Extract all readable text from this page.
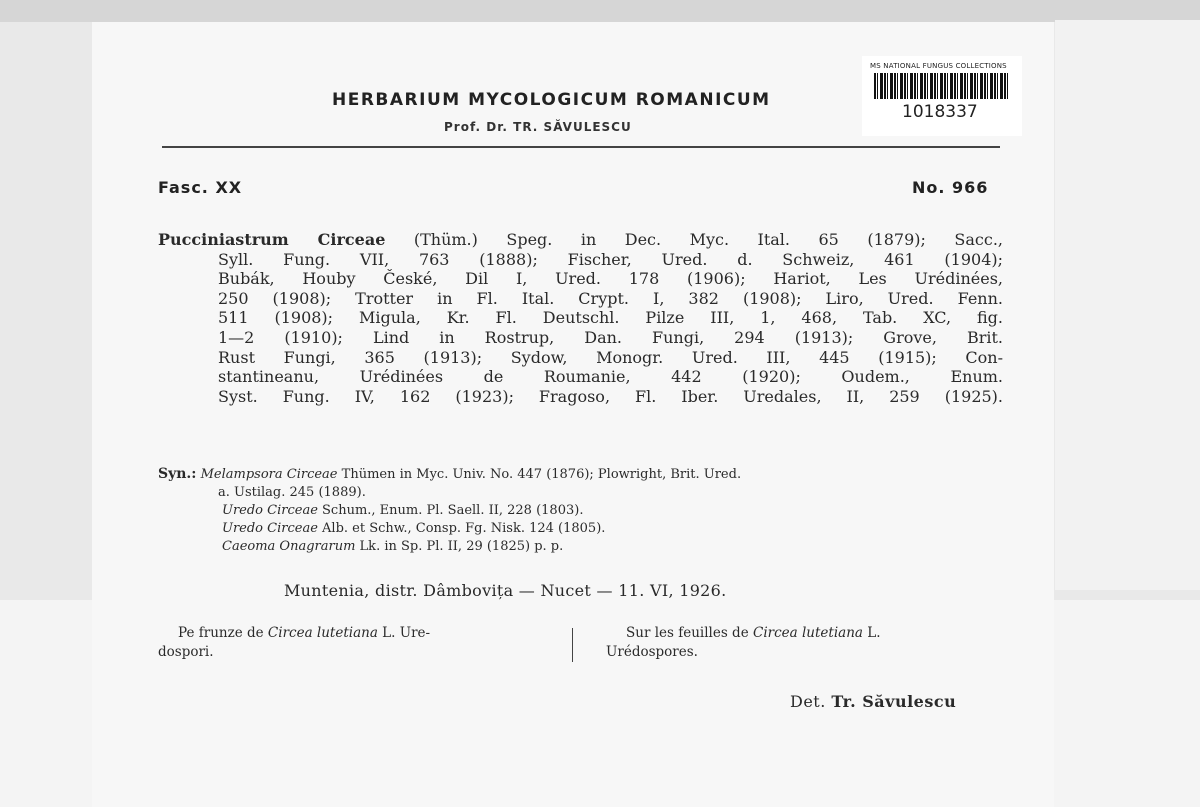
MS NATIONAL FUNGUS COLLECTIONS
1018337
HERBARIUM MYCOLOGICUM ROMANICUM
Prof. Dr. TR. SĂVULESCU
Fasc. XX	No. 966
Pucciniastrum Circeae (Thüm.) Speg. in Dec. Myc. Ital. 65 (1879); Sacc.,
Syll. Fung. VII, 763 (1888); Fischer, Ured. d. Schweiz, 461 (1904);
Bubák, Houby České, Dil I, Ured. 178 (1906); Hariot, Les Urédinées,
250 (1908); Trotter in Fl. Ital. Crypt. I, 382 (1908); Liro, Ured. Fenn.
511 (1908); Migula, Kr. Fl. Deutschl. Pilze III, 1, 468, Tab. XC, fig.
1—2 (1910); Lind in Rostrup, Dan. Fungi, 294 (1913); Grove, Brit.
Rust Fungi, 365 (1913); Sydow, Monogr. Ured. III, 445 (1915); Con-
stantineanu, Urédinées de Roumanie, 442 (1920); Oudem., Enum.
Syst. Fung. IV, 162 (1923); Fragoso, Fl. Iber. Uredales, II, 259 (1925).
Syn.: Melampsora Circeae Thümen in Myc. Univ. No. 447 (1876); Plowright, Brit. Ured.
a. Ustilag. 245 (1889).
Uredo Circeae Schum., Enum. Pl. Saell. II, 228 (1803).
Uredo Circeae Alb. et Schw., Consp. Fg. Nisk. 124 (1805).
Caeoma Onagrarum Lk. in Sp. Pl. II, 29 (1825) p. p.
Muntenia, distr. Dâmbovița — Nucet — 11. VI, 1926.
Pe frunze de Circea lutetiana L. Ure-
dospori.
Sur les feuilles de Circea lutetiana L.
Urédospores.
Det. Tr. Săvulescu
